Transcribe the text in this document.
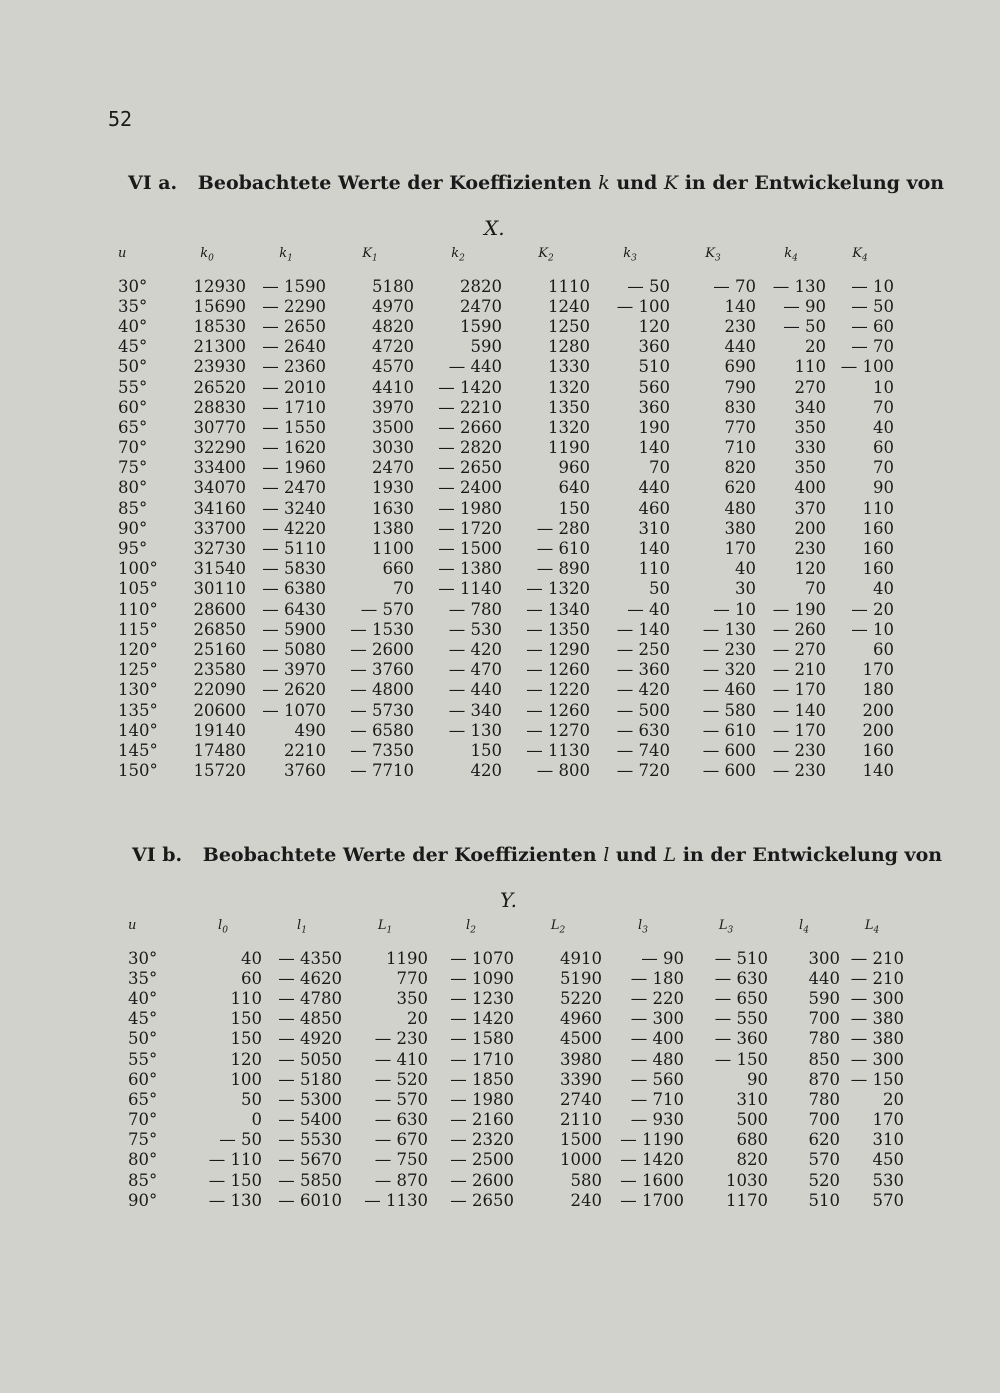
52
VI a. Beobachtete Werte der Koeffizienten k und K in der Entwickelung von
X.
u	$k_0$	$k_1$	$K_1$	$k_2$	$K_2$	$k_3$	$K_3$	$k_4$	$K_4$
30°	12930	— 1590	5180	2820	1110	— 50	— 70	— 130	— 10
35°	15690	— 2290	4970	2470	1240	— 100	140	— 90	— 50
40°	18530	— 2650	4820	1590	1250	120	230	— 50	— 60
45°	21300	— 2640	4720	590	1280	360	440	20	— 70
50°	23930	— 2360	4570	— 440	1330	510	690	110	— 100
55°	26520	— 2010	4410	— 1420	1320	560	790	270	10
60°	28830	— 1710	3970	— 2210	1350	360	830	340	70
65°	30770	— 1550	3500	— 2660	1320	190	770	350	40
70°	32290	— 1620	3030	— 2820	1190	140	710	330	60
75°	33400	— 1960	2470	— 2650	960	70	820	350	70
80°	34070	— 2470	1930	— 2400	640	440	620	400	90
85°	34160	— 3240	1630	— 1980	150	460	480	370	110
90°	33700	— 4220	1380	— 1720	— 280	310	380	200	160
95°	32730	— 5110	1100	— 1500	— 610	140	170	230	160
100°	31540	— 5830	660	— 1380	— 890	110	40	120	160
105°	30110	— 6380	70	— 1140	— 1320	50	30	70	40
110°	28600	— 6430	— 570	— 780	— 1340	— 40	— 10	— 190	— 20
115°	26850	— 5900	— 1530	— 530	— 1350	— 140	— 130	— 260	— 10
120°	25160	— 5080	— 2600	— 420	— 1290	— 250	— 230	— 270	60
125°	23580	— 3970	— 3760	— 470	— 1260	— 360	— 320	— 210	170
130°	22090	— 2620	— 4800	— 440	— 1220	— 420	— 460	— 170	180
135°	20600	— 1070	— 5730	— 340	— 1260	— 500	— 580	— 140	200
140°	19140	490	— 6580	— 130	— 1270	— 630	— 610	— 170	200
145°	17480	2210	— 7350	150	— 1130	— 740	— 600	— 230	160
150°	15720	3760	— 7710	420	— 800	— 720	— 600	— 230	140
VI b. Beobachtete Werte der Koeffizienten l und L in der Entwickelung von
Y.
u	$l_0$	$l_1$	$L_1$	$l_2$	$L_2$	$l_3$	$L_3$	$l_4$	$L_4$
30°	40	— 4350	1190	— 1070	4910	— 90	— 510	300	— 210
35°	60	— 4620	770	— 1090	5190	— 180	— 630	440	— 210
40°	110	— 4780	350	— 1230	5220	— 220	— 650	590	— 300
45°	150	— 4850	20	— 1420	4960	— 300	— 550	700	— 380
50°	150	— 4920	— 230	— 1580	4500	— 400	— 360	780	— 380
55°	120	— 5050	— 410	— 1710	3980	— 480	— 150	850	— 300
60°	100	— 5180	— 520	— 1850	3390	— 560	90	870	— 150
65°	50	— 5300	— 570	— 1980	2740	— 710	310	780	20
70°	0	— 5400	— 630	— 2160	2110	— 930	500	700	170
75°	— 50	— 5530	— 670	— 2320	1500	— 1190	680	620	310
80°	— 110	— 5670	— 750	— 2500	1000	— 1420	820	570	450
85°	— 150	— 5850	— 870	— 2600	580	— 1600	1030	520	530
90°	— 130	— 6010	— 1130	— 2650	240	— 1700	1170	510	570
